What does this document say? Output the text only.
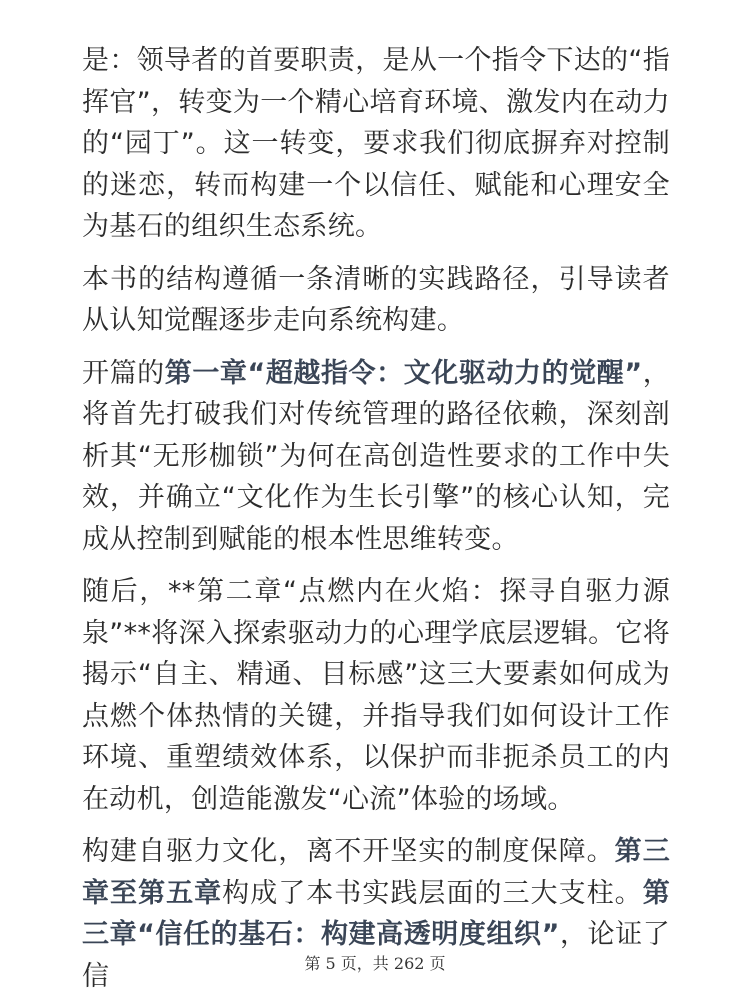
是：领导者的首要职责，是从一个指令下达的“指挥官”，转变为一个精心培育环境、激发内在动力的“园丁”。这一转变，要求我们彻底摒弃对控制的迷恋，转而构建一个以信任、赋能和心理安全为基石的组织生态系统。

本书的结构遵循一条清晰的实践路径，引导读者从认知觉醒逐步走向系统构建。

开篇的第一章“超越指令：文化驱动力的觉醒”，将首先打破我们对传统管理的路径依赖，深刻剖析其“无形枷锁”为何在高创造性要求的工作中失效，并确立“文化作为生长引擎”的核心认知，完成从控制到赋能的根本性思维转变。

随后，**第二章“点燃内在火焰：探寻自驱力源泉”**将深入探索驱动力的心理学底层逻辑。它将揭示“自主、精通、目标感”这三大要素如何成为点燃个体热情的关键，并指导我们如何设计工作环境、重塑绩效体系，以保护而非扼杀员工的内在动机，创造能激发“心流”体验的场域。

构建自驱力文化，离不开坚实的制度保障。第三章至第五章构成了本书实践层面的三大支柱。第三章“信任的基石：构建高透明度组织”，论证了信	第 5 页，共 262 页
